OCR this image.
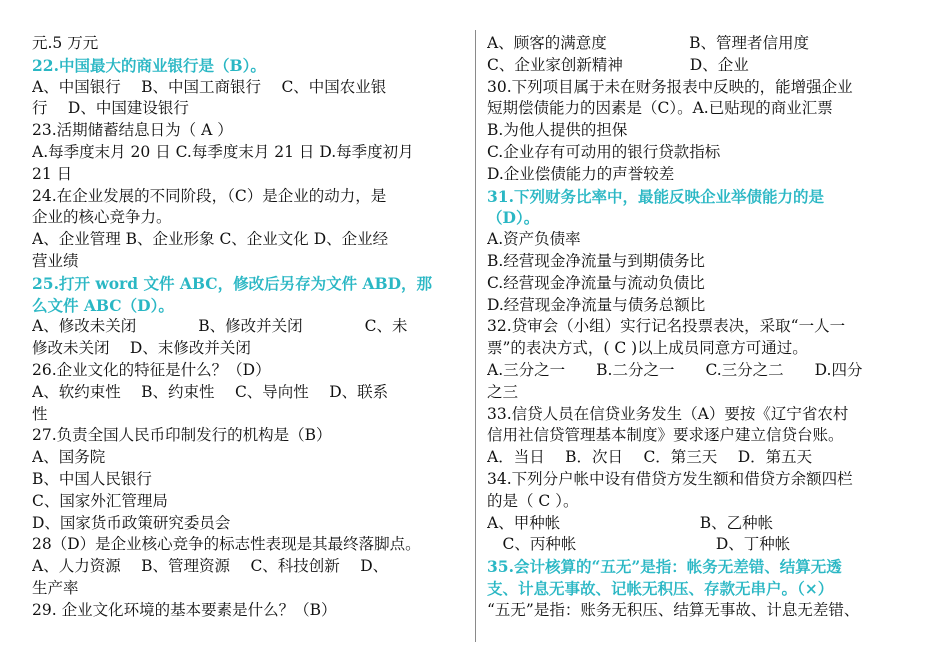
元.5 万元
22.中国最大的商业银行是（B）。
A、中国银行　 B、中国工商银行　 C、中国农业银
行　 D、中国建设银行
23.活期储蓄结息日为（ A ）
A.每季度末月 20 日 C.每季度末月 21 日 D.每季度初月
21 日
24.在企业发展的不同阶段，（C）是企业的动力，是
企业的核心竞争力。
A、企业管理 B、企业形象 C、企业文化 D、企业经
营业绩
25.打开 word 文件 ABC，修改后另存为文件 ABD，那
么文件 ABC（D）。
A、修改未关闭　　　　B、修改并关闭　　　　C、未
修改未关闭　 D、末修改并关闭
26.企业文化的特征是什么？（D）
A、软约束性　 B、约束性　 C、导向性　 D、联系
性
27.负责全国人民币印制发行的机构是（B）
A、国务院
B、中国人民银行
C、国家外汇管理局
D、国家货币政策研究委员会
28（D）是企业核心竞争的标志性表现是其最终落脚点。
A、人力资源　 B、管理资源　 C、科技创新　 D、
生产率
29. 企业文化环境的基本要素是什么？（B）
A、顾客的满意度　　　　　 B、管理者信用度
C、企业家创新精神　　　　 D、企业
30.下列项目属于未在财务报表中反映的，能增强企业
短期偿债能力的因素是（C）。A.已贴现的商业汇票
B.为他人提供的担保
C.企业存有可动用的银行贷款指标
D.企业偿债能力的声誉较差
31.下列财务比率中，最能反映企业举债能力的是
（D）。
A.资产负债率
B.经营现金净流量与到期债务比
C.经营现金净流量与流动负债比
D.经营现金净流量与债务总额比
32.贷审会（小组）实行记名投票表决，采取“一人一
票”的表决方式，( C )以上成员同意方可通过。
A.三分之一　　B.二分之一　　C.三分之二　　D.四分
之三
33.信贷人员在信贷业务发生（A）要按《辽宁省农村
信用社信贷管理基本制度》要求逐户建立信贷台账。
A．当日　 B．次日　 C．第三天　 D．第五天
34.下列分户帐中设有借贷方发生额和借贷方余额四栏
的是（ C ）。
A、甲种帐　　　　　　　　　B、乙种帐
　C、丙种帐　　　　　　　　　D、丁种帐
35.会计核算的“五无”是指：帐务无差错、结算无透
支、计息无事故、记帐无积压、存款无串户。（×）
“五无”是指：账务无积压、结算无事故、计息无差错、
